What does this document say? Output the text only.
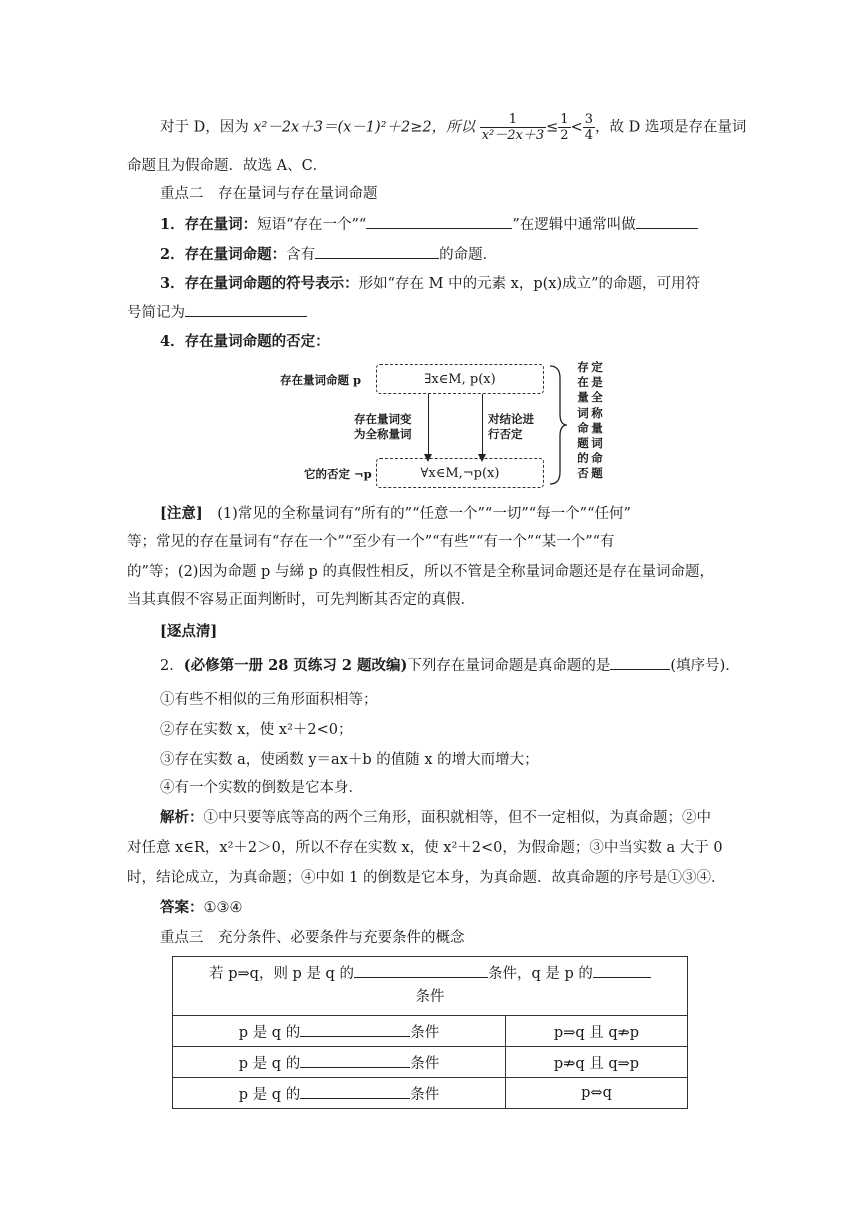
对于 D，因为 x²－2x＋3＝(x－1)²＋2≥2，所以 $\frac{1}{\text{x²－2x＋3}} \le \frac{1}{2} < \frac{3}{4}$ ，故 D 选项是存在量词
命题且为假命题．故选 A、C．
重点二　存在量词与存在量词命题
1．存在量词：短语“存在一个”“	”在逻辑中通常叫做
2．存在量词命题：含有	的命题．
3．存在量词命题的符号表示：形如“存在 M 中的元素 x，p(x)成立”的命题，可用符
号简记为
4．存在量词命题的否定：
存在量词命题 p	∃x∈M, p(x)
存在量词变
为全称量词
对结论进
行否定
它的否定 ¬p	∀x∈M,¬p(x)
存
在
量
词
命
题
的
否
定
是
全
称
量
词
命
题
[注意]　(1)常见的全称量词有“所有的”“任意一个”“一切”“每一个”“任何”
等；常见的存在量词有“存在一个”“至少有一个”“有些”“有一个”“某一个”“有
的”等；(2)因为命题 p 与綈 p 的真假性相反，所以不管是全称量词命题还是存在量词命题，
当其真假不容易正面判断时，可先判断其否定的真假．
[逐点清]
2．(必修第一册 28 页练习 2 题改编)下列存在量词命题是真命题的是	(填序号)．
①有些不相似的三角形面积相等；
②存在实数 x，使 x²＋2<0；
③存在实数 a，使函数 y＝ax＋b 的值随 x 的增大而增大；
④有一个实数的倒数是它本身．
解析：①中只要等底等高的两个三角形，面积就相等，但不一定相似，为真命题；②中
对任意 x∈R，x²＋2＞0，所以不存在实数 x，使 x²＋2<0，为假命题；③中当实数 a 大于 0
时，结论成立，为真命题；④中如 1 的倒数是它本身，为真命题．故真命题的序号是①③④．
答案：①③④
重点三　充分条件、必要条件与充要条件的概念
若 p⇒q，则 p 是 q 的 条件，q 是 p 的
条件	

p 是 q 的 条件	p⇒q 且 q⇏p
p 是 q 的 条件	p⇏q 且 q⇒p
p 是 q 的 条件	p⇔q
